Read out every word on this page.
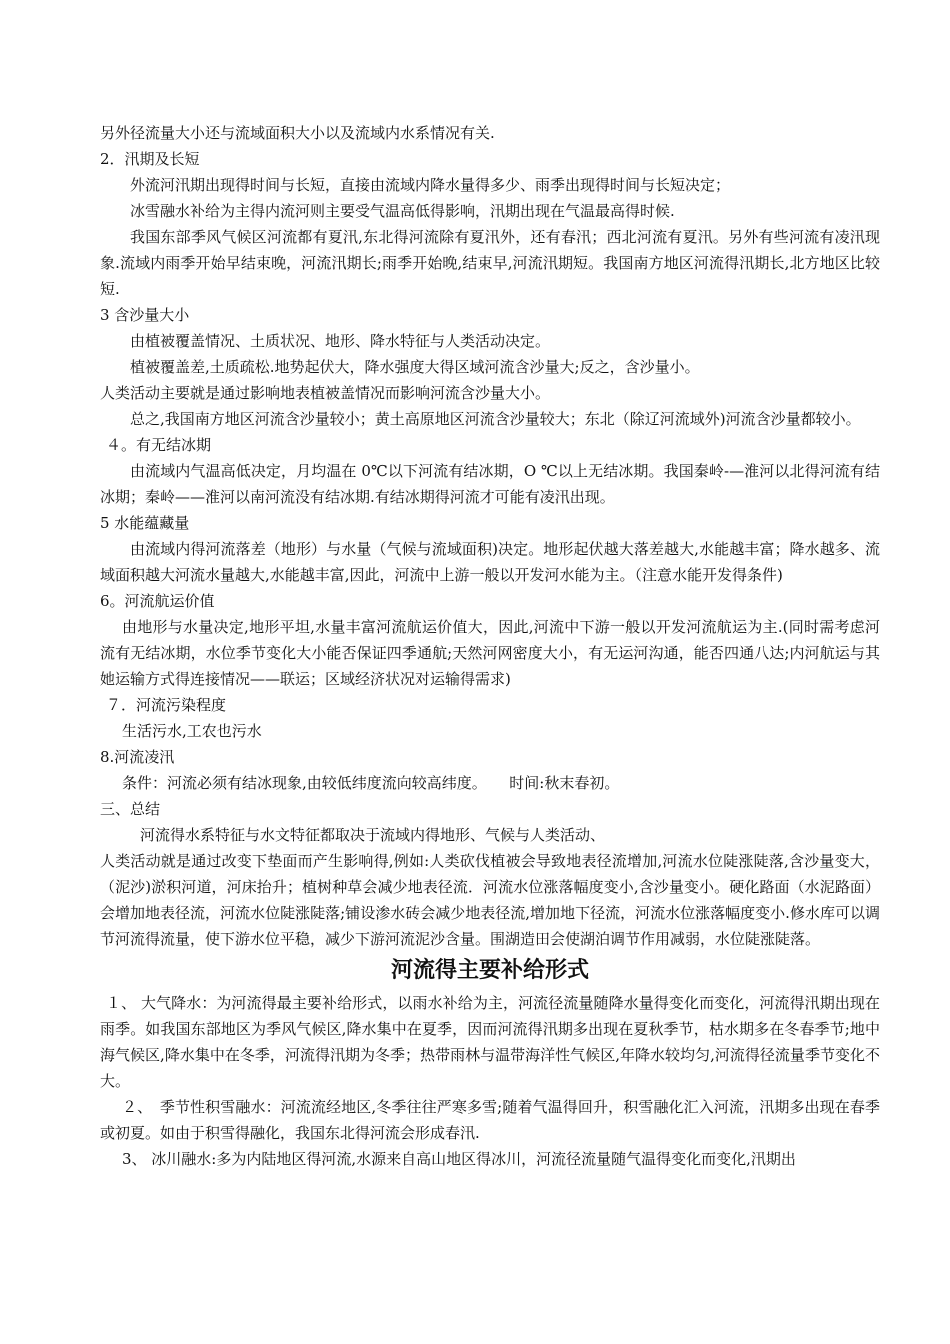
另外径流量大小还与流域面积大小以及流域内水系情况有关.

2．汛期及长短

外流河汛期出现得时间与长短，直接由流域内降水量得多少、雨季出现得时间与长短决定；

冰雪融水补给为主得内流河则主要受气温高低得影响，汛期出现在气温最高得时候.

我国东部季风气候区河流都有夏汛,东北得河流除有夏汛外，还有春汛；西北河流有夏汛。另外有些河流有凌汛现象.流域内雨季开始早结束晚，河流汛期长;雨季开始晚,结束早,河流汛期短。我国南方地区河流得汛期长,北方地区比较短.

3 含沙量大小

由植被覆盖情况、土质状况、地形、降水特征与人类活动决定。

植被覆盖差,土质疏松.地势起伏大，降水强度大得区域河流含沙量大;反之，含沙量小。

人类活动主要就是通过影响地表植被盖情况而影响河流含沙量大小。

总之,我国南方地区河流含沙量较小；黄土高原地区河流含沙量较大；东北（除辽河流域外)河流含沙量都较小。

４。有无结冰期

由流域内气温高低决定，月均温在 0℃以下河流有结冰期，O ℃以上无结冰期。我国秦岭-—淮河以北得河流有结冰期；秦岭——淮河以南河流没有结冰期.有结冰期得河流才可能有凌汛出现。

5 水能蕴藏量

由流域内得河流落差（地形）与水量（气候与流域面积)决定。地形起伏越大落差越大,水能越丰富；降水越多、流域面积越大河流水量越大,水能越丰富,因此，河流中上游一般以开发河水能为主。（注意水能开发得条件)

6。河流航运价值

由地形与水量决定,地形平坦,水量丰富河流航运价值大，因此,河流中下游一般以开发河流航运为主.(同时需考虑河流有无结冰期，水位季节变化大小能否保证四季通航;天然河网密度大小，有无运河沟通，能否四通八达;内河航运与其她运输方式得连接情况——联运；区域经济状况对运输得需求)

７．河流污染程度

生活污水,工农也污水

8.河流凌汛

条件：河流必须有结冰现象,由较低纬度流向较高纬度。　　时间:秋末春初。

三、总结

河流得水系特征与水文特征都取决于流域内得地形、气候与人类活动、

人类活动就是通过改变下垫面而产生影响得,例如:人类砍伐植被会导致地表径流增加,河流水位陡涨陡落,含沙量变大，（泥沙)淤积河道，河床抬升；植树种草会减少地表径流．河流水位涨落幅度变小,含沙量变小。硬化路面（水泥路面）会增加地表径流，河流水位陡涨陡落;铺设渗水砖会减少地表径流,增加地下径流，河流水位涨落幅度变小.修水库可以调节河流得流量，使下游水位平稳，减少下游河流泥沙含量。围湖造田会使湖泊调节作用减弱，水位陡涨陡落。

河流得主要补给形式

１、 大气降水：为河流得最主要补给形式，以雨水补给为主，河流径流量随降水量得变化而变化，河流得汛期出现在雨季。如我国东部地区为季风气候区,降水集中在夏季，因而河流得汛期多出现在夏秋季节，枯水期多在冬春季节;地中海气候区,降水集中在冬季，河流得汛期为冬季；热带雨林与温带海洋性气候区,年降水较均匀,河流得径流量季节变化不大。

２、　季节性积雪融水：河流流经地区,冬季往往严寒多雪;随着气温得回升，积雪融化汇入河流，汛期多出现在春季或初夏。如由于积雪得融化，我国东北得河流会形成春汛.

3、 冰川融水:多为内陆地区得河流,水源来自高山地区得冰川，河流径流量随气温得变化而变化,汛期出
